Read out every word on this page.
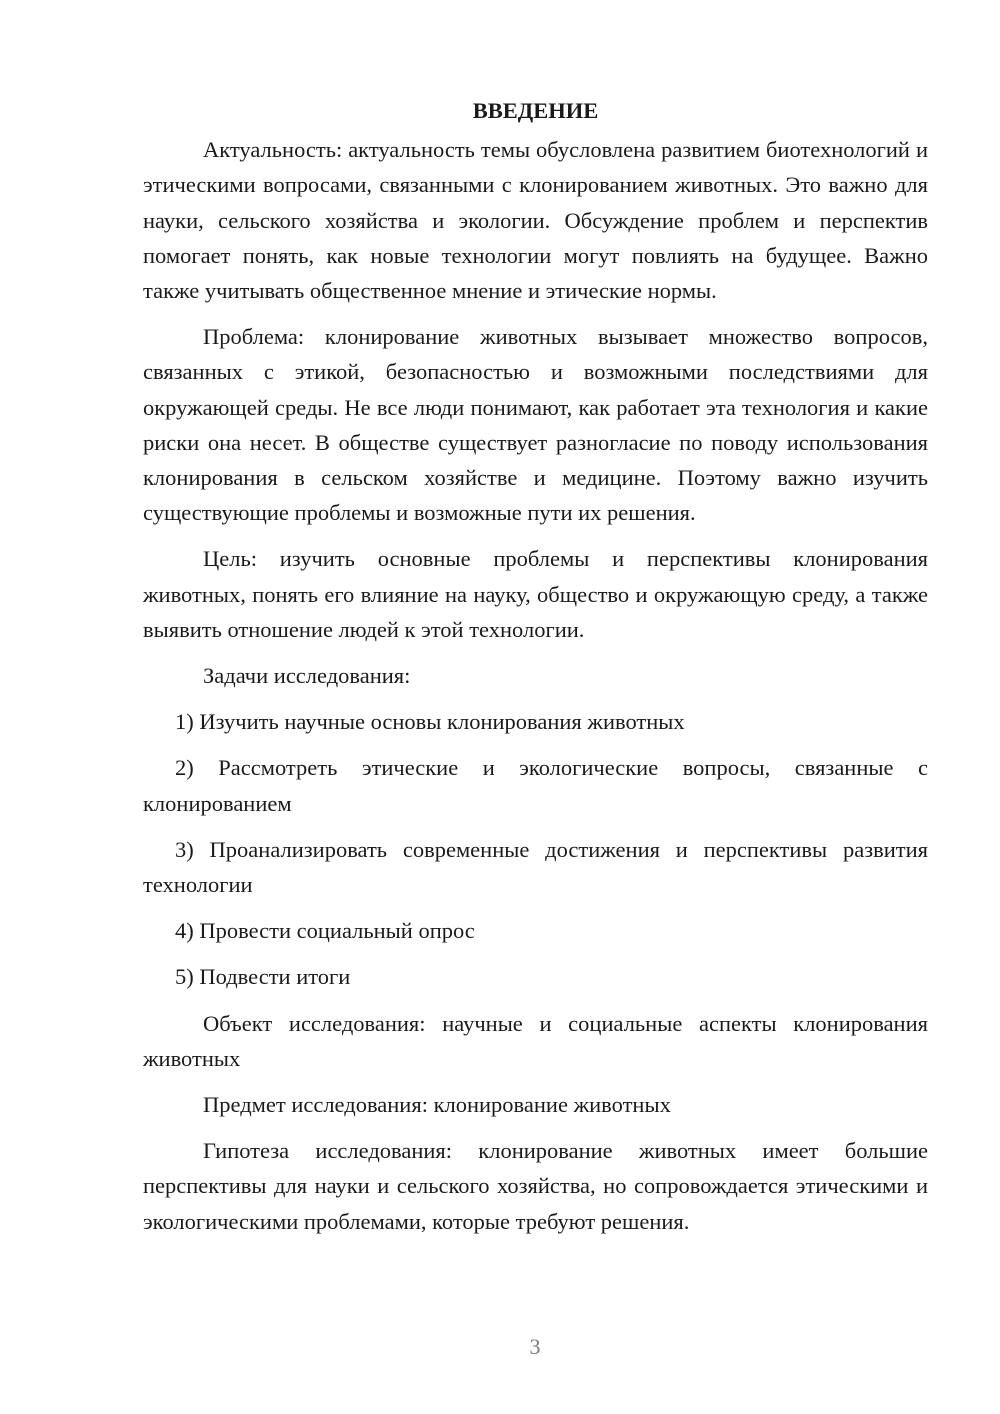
ВВЕДЕНИЕ

Актуальность: актуальность темы обусловлена развитием биотехнологий и этическими вопросами, связанными с клонированием животных. Это важно для науки, сельского хозяйства и экологии. Обсуждение проблем и перспектив помогает понять, как новые технологии могут повлиять на будущее. Важно также учитывать общественное мнение и этические нормы.

Проблема: клонирование животных вызывает множество вопросов, связанных с этикой, безопасностью и возможными последствиями для окружающей среды. Не все люди понимают, как работает эта технология и какие риски она несет. В обществе существует разногласие по поводу использования клонирования в сельском хозяйстве и медицине. Поэтому важно изучить существующие проблемы и возможные пути их решения.

Цель: изучить основные проблемы и перспективы клонирования животных, понять его влияние на науку, общество и окружающую среду, а также выявить отношение людей к этой технологии.

Задачи исследования:

1) Изучить научные основы клонирования животных

2) Рассмотреть этические и экологические вопросы, связанные с клонированием

3) Проанализировать современные достижения и перспективы развития технологии

4) Провести социальный опрос

5) Подвести итоги

Объект исследования: научные и социальные аспекты клонирования животных

Предмет исследования: клонирование животных

Гипотеза исследования: клонирование животных имеет большие перспективы для науки и сельского хозяйства, но сопровождается этическими и экологическими проблемами, которые требуют решения.

3
